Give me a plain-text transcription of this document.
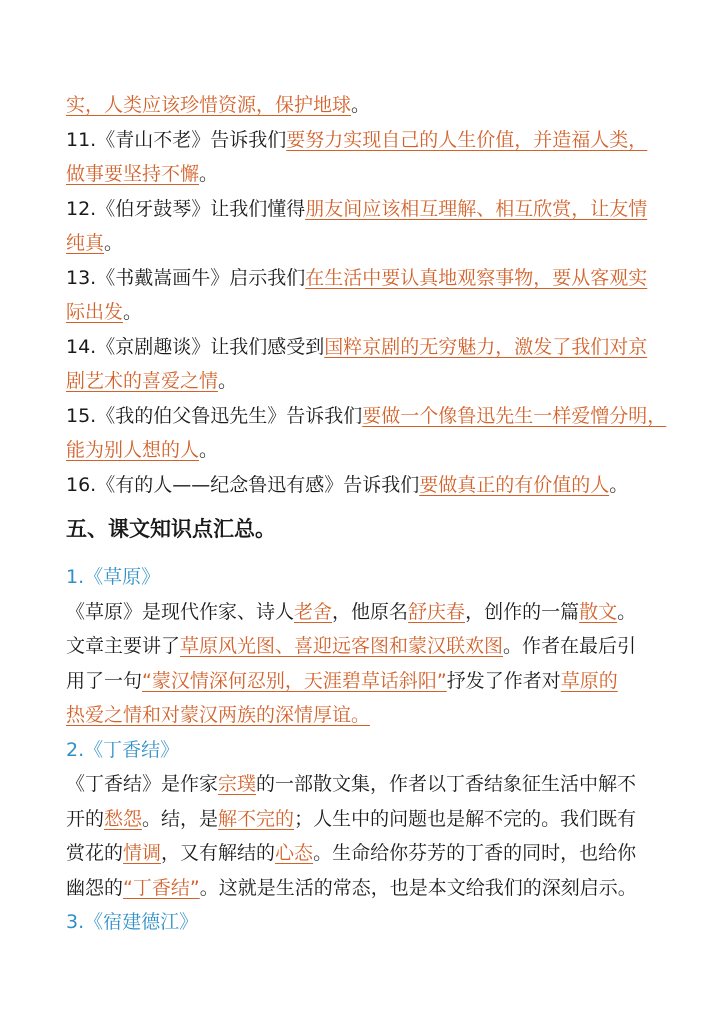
实，人类应该珍惜资源，保护地球。
11.《青山不老》告诉我们要努力实现自己的人生价值，并造福人类，
做事要坚持不懈。
12.《伯牙鼓琴》让我们懂得朋友间应该相互理解、相互欣赏，让友情
纯真。
13.《书戴嵩画牛》启示我们在生活中要认真地观察事物，要从客观实
际出发。
14.《京剧趣谈》让我们感受到国粹京剧的无穷魅力，激发了我们对京
剧艺术的喜爱之情。
15.《我的伯父鲁迅先生》告诉我们要做一个像鲁迅先生一样爱憎分明，
能为别人想的人。
16.《有的人——纪念鲁迅有感》告诉我们要做真正的有价值的人。
五、课文知识点汇总。
1.《草原》
《草原》是现代作家、诗人老舍，他原名舒庆春，创作的一篇散文。
文章主要讲了草原风光图、喜迎远客图和蒙汉联欢图。作者在最后引
用了一句“蒙汉情深何忍别，天涯碧草话斜阳”抒发了作者对草原的
热爱之情和对蒙汉两族的深情厚谊。
2.《丁香结》
《丁香结》是作家宗璞的一部散文集，作者以丁香结象征生活中解不
开的愁怨。结，是解不完的；人生中的问题也是解不完的。我们既有
赏花的情调，又有解结的心态。生命给你芬芳的丁香的同时，也给你
幽怨的“丁香结”。这就是生活的常态，也是本文给我们的深刻启示。
3.《宿建德江》
